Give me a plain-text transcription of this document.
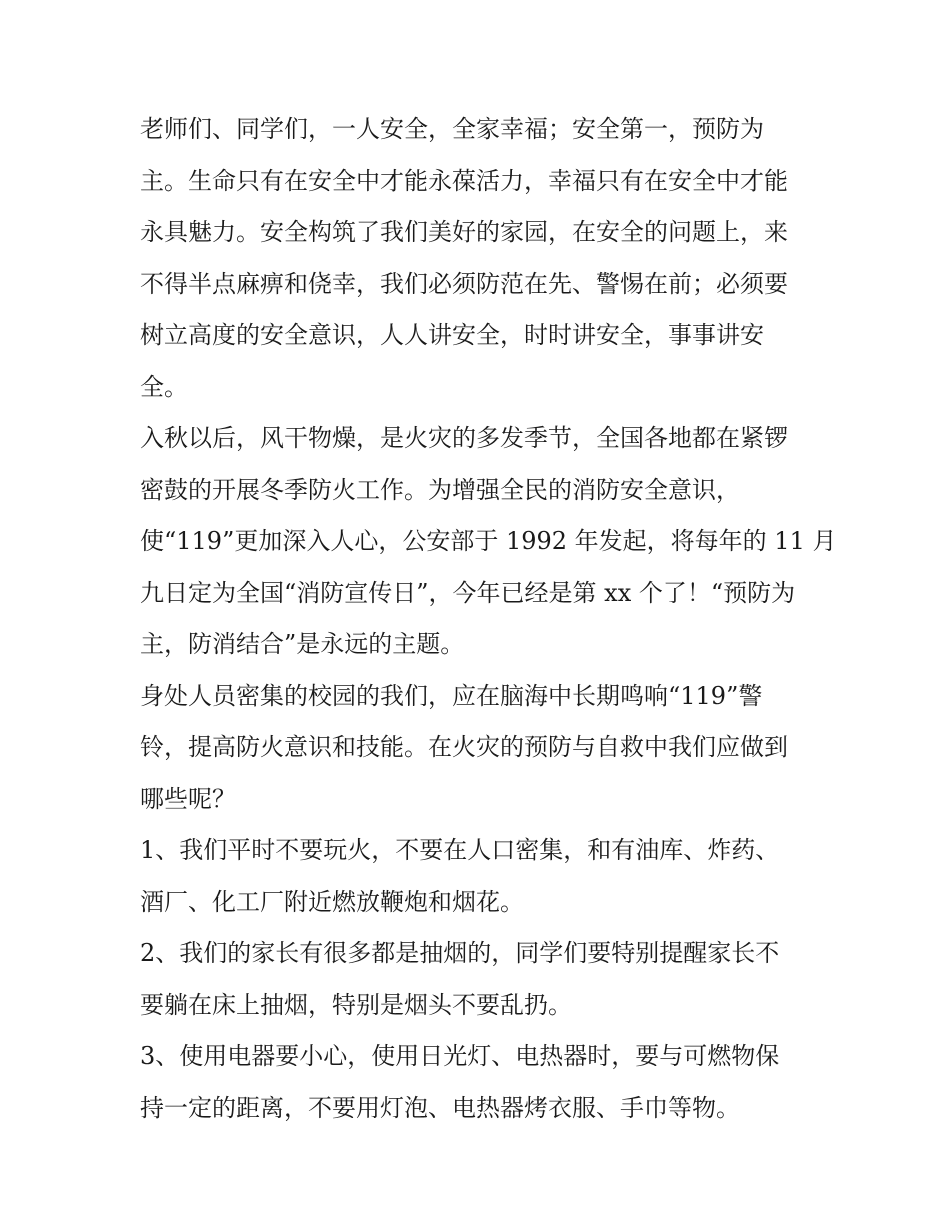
老师们、同学们，一人安全，全家幸福；安全第一，预防为
主。生命只有在安全中才能永葆活力，幸福只有在安全中才能
永具魅力。安全构筑了我们美好的家园，在安全的问题上，来
不得半点麻痹和侥幸，我们必须防范在先、警惕在前；必须要
树立高度的安全意识，人人讲安全，时时讲安全，事事讲安
全。
入秋以后，风干物燥，是火灾的多发季节，全国各地都在紧锣
密鼓的开展冬季防火工作。为增强全民的消防安全意识，
使“119”更加深入人心，公安部于 1992 年发起，将每年的 11 月
九日定为全国“消防宣传日”，今年已经是第 xx 个了！“预防为
主，防消结合”是永远的主题。
身处人员密集的校园的我们，应在脑海中长期鸣响“119”警
铃，提高防火意识和技能。在火灾的预防与自救中我们应做到
哪些呢？
1、我们平时不要玩火，不要在人口密集，和有油库、炸药、
酒厂、化工厂附近燃放鞭炮和烟花。
2、我们的家长有很多都是抽烟的，同学们要特别提醒家长不
要躺在床上抽烟，特别是烟头不要乱扔。
3、使用电器要小心，使用日光灯、电热器时，要与可燃物保
持一定的距离，不要用灯泡、电热器烤衣服、手巾等物。
